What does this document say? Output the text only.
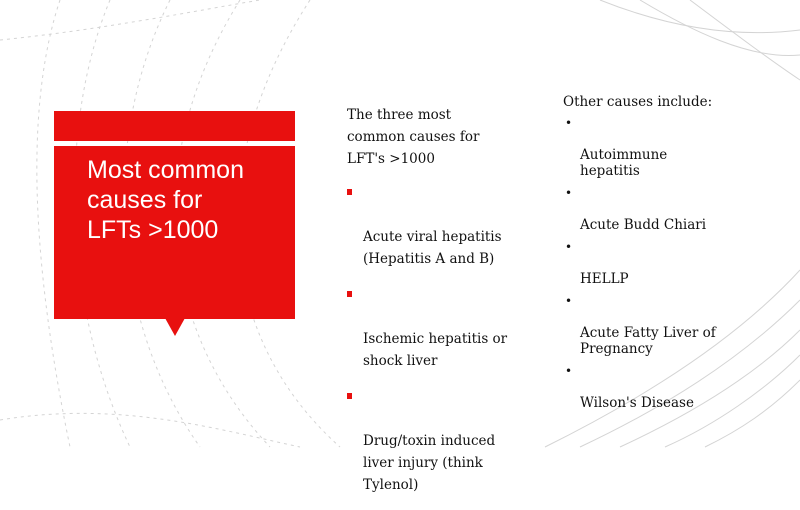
Most common
causes for
LFTs >1000

The three most
common causes for
LFT's >1000

Acute viral hepatitis
(Hepatitis A and B)

Ischemic hepatitis or
shock liver

Drug/toxin induced
liver injury (think
Tylenol)

Other causes include:

•

Autoimmune
hepatitis

•

Acute Budd Chiari

•

HELLP

•

Acute Fatty Liver of
Pregnancy

•

Wilson's Disease
